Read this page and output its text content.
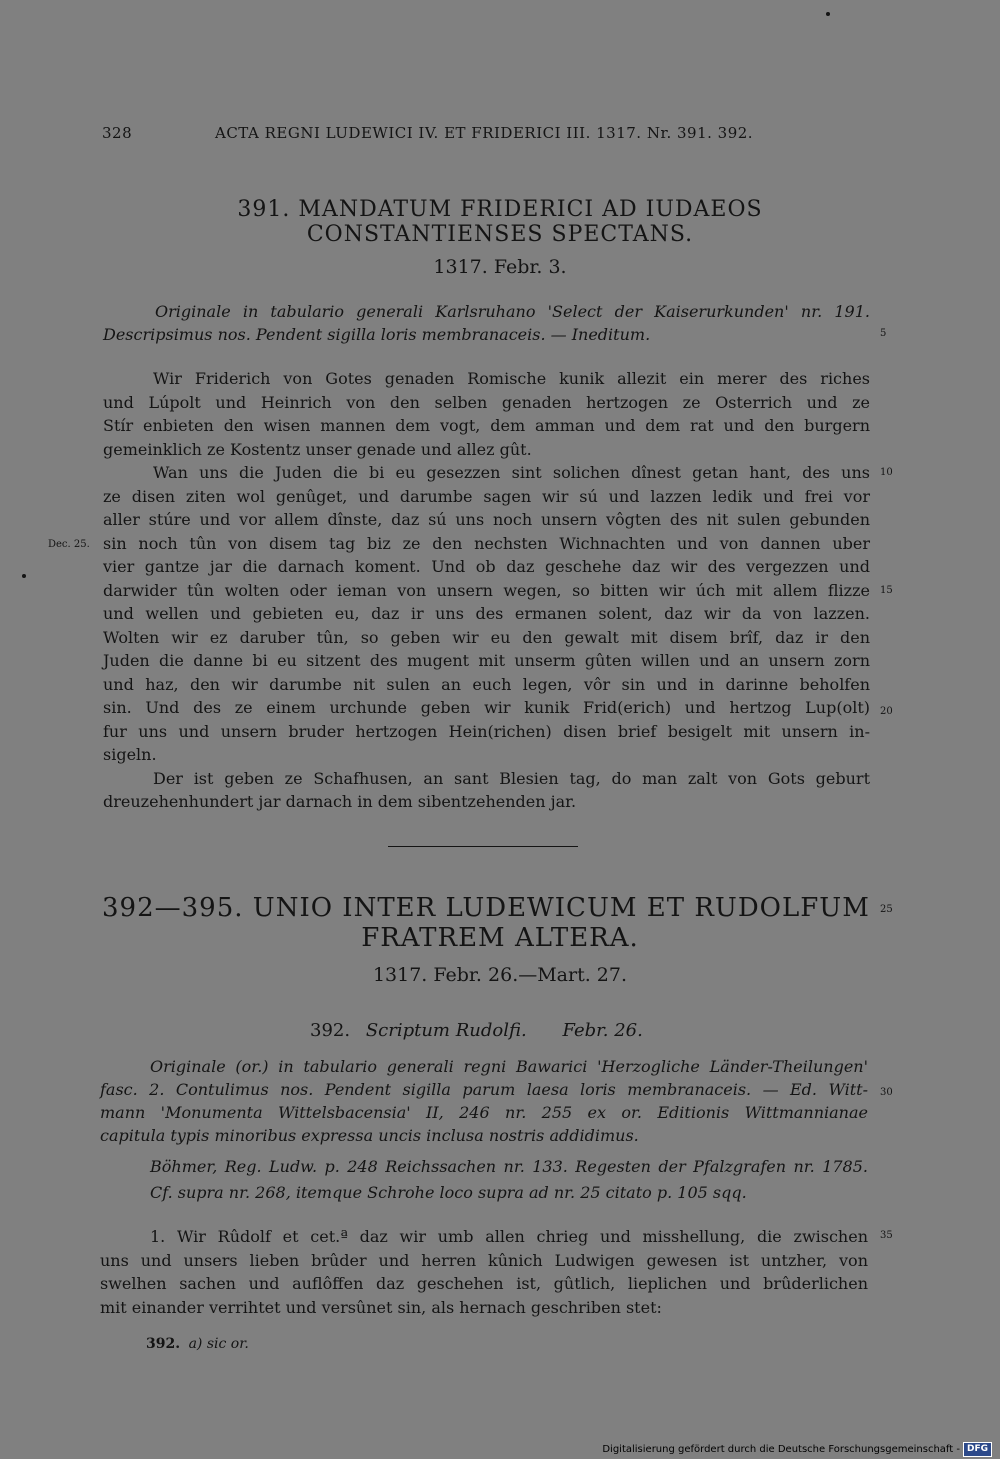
328	ACTA REGNI LUDEWICI IV. ET FRIDERICI III. 1317. Nr. 391. 392.
391. MANDATUM FRIDERICI AD IUDAEOS
CONSTANTIENSES SPECTANS.
1317. Febr. 3.
Originale in tabulario generali Karlsruhano 'Select der Kaiserurkunden' nr. 191.
Descripsimus nos. Pendent sigilla loris membranaceis. — Ineditum.
Wir Friderich von Gotes genaden Romische kunik allezit ein merer des riches
und Lúpolt und Heinrich von den selben genaden hertzogen ze Osterrich und ze
Stír enbieten den wisen mannen dem vogt, dem amman und dem rat und den burgern
gemeinklich ze Kostentz unser genade und allez gût.
Wan uns die Juden die bi eu gesezzen sint solichen dînest getan hant, des uns
ze disen ziten wol genûget, und darumbe sagen wir sú und lazzen ledik und frei vor
aller stúre und vor allem dînste, daz sú uns noch unsern vôgten des nit sulen gebunden
sin noch tûn von disem tag biz ze den nechsten Wichnachten und von dannen uber
vier gantze jar die darnach koment. Und ob daz geschehe daz wir des vergezzen und
darwider tûn wolten oder ieman von unsern wegen, so bitten wir úch mit allem flizze
und wellen und gebieten eu, daz ir uns des ermanen solent, daz wir da von lazzen.
Wolten wir ez daruber tûn, so geben wir eu den gewalt mit disem brîf, daz ir den
Juden die danne bi eu sitzent des mugent mit unserm gûten willen und an unsern zorn
und haz, den wir darumbe nit sulen an euch legen, vôr sin und in darinne beholfen
sin. Und des ze einem urchunde geben wir kunik Frid(erich) und hertzog Lup(olt)
fur uns und unsern bruder hertzogen Hein(richen) disen brief besigelt mit unsern in-
sigeln.
Der ist geben ze Schafhusen, an sant Blesien tag, do man zalt von Gots geburt
dreuzehenhundert jar darnach in dem sibentzehenden jar.
392—395. UNIO INTER LUDEWICUM ET RUDOLFUM
FRATREM ALTERA.
1317. Febr. 26.—Mart. 27.
392. Scriptum Rudolfi. Febr. 26.
Originale (or.) in tabulario generali regni Bawarici 'Herzogliche Länder-Theilungen'
fasc. 2. Contulimus nos. Pendent sigilla parum laesa loris membranaceis. — Ed. Witt-
mann 'Monumenta Wittelsbacensia' II, 246 nr. 255 ex or. Editionis Wittmannianae
capitula typis minoribus expressa uncis inclusa nostris addidimus.
Böhmer, Reg. Ludw. p. 248 Reichssachen nr. 133. Regesten der Pfalzgrafen nr. 1785.
Cf. supra nr. 268, itemque Schrohe loco supra ad nr. 25 citato p. 105 sqq.
1. Wir Rûdolf et cet.ª daz wir umb allen chrieg und misshellung, die zwischen
uns und unsers lieben brûder und herren kûnich Ludwigen gewesen ist untzher, von
swelhen sachen und auflôffen daz geschehen ist, gûtlich, lieplichen und brûderlichen
mit einander verrihtet und versûnet sin, als hernach geschriben stet:
392. a) sic or.
Dec. 25.
5
10
15
20
25
30
35
Digitalisierung gefördert durch die Deutsche Forschungsgemeinschaft - DFG
